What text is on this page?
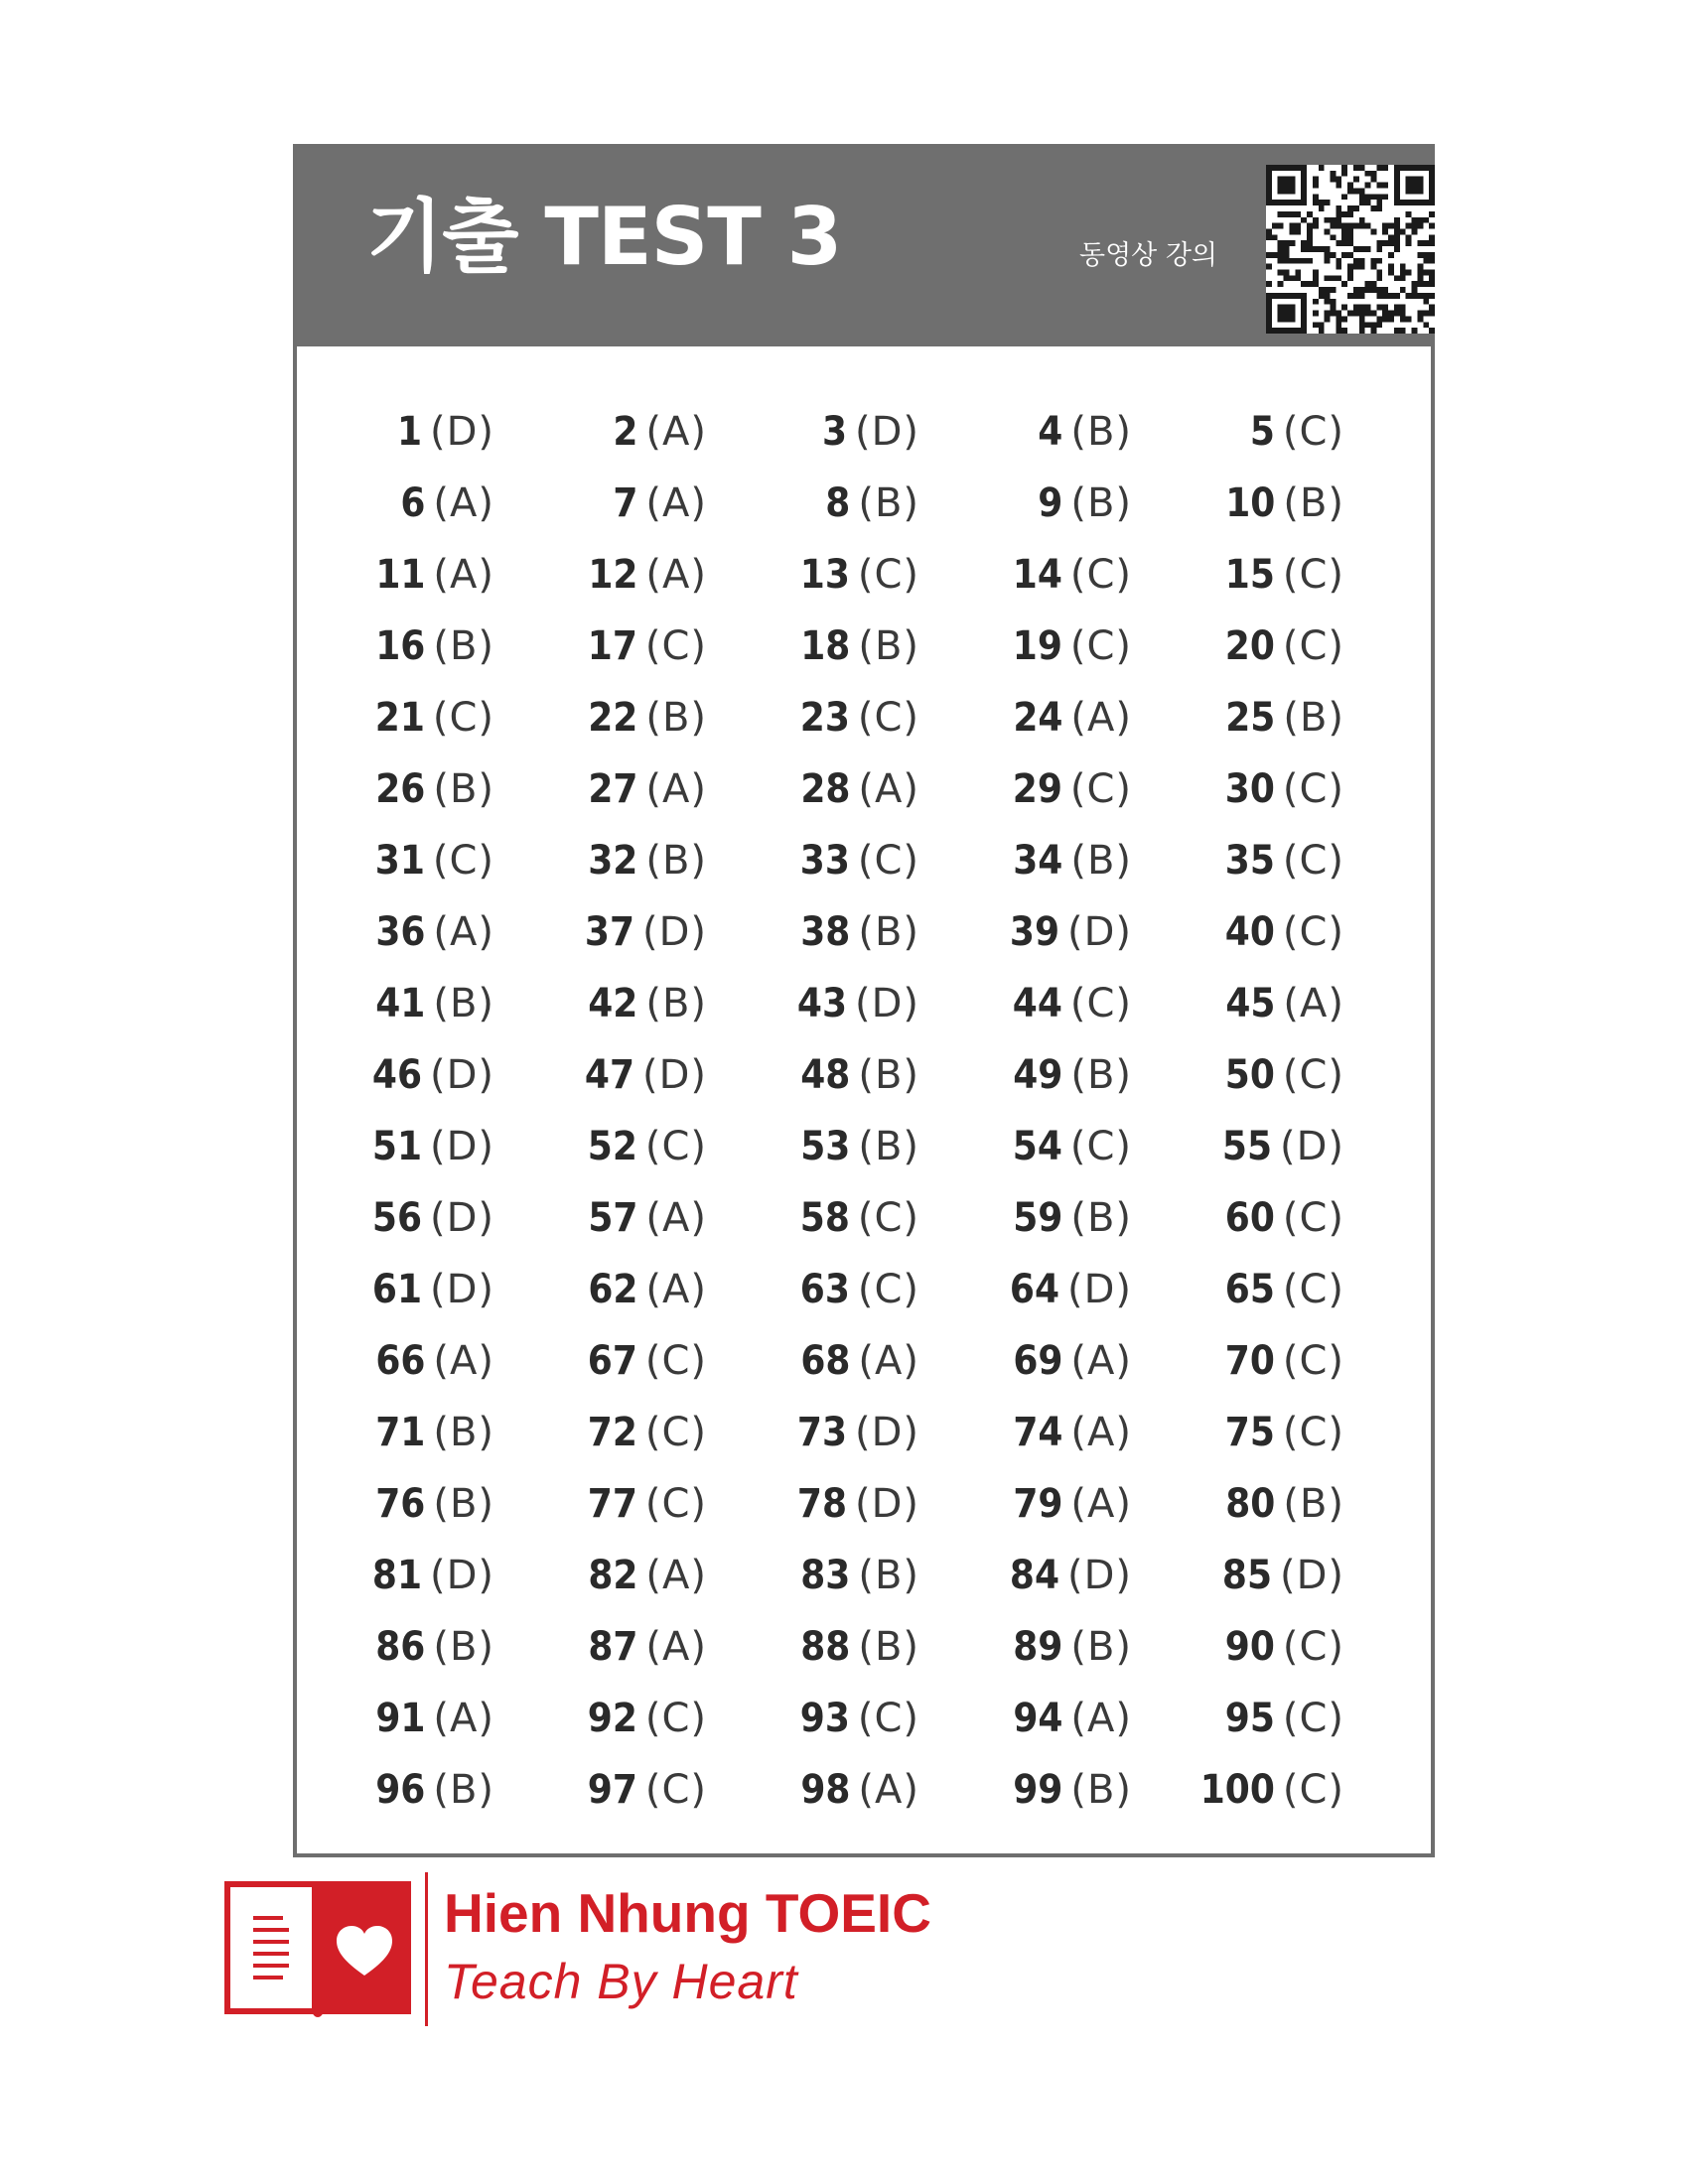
기출 TEST 3	동영상 강의
1 (D)	2 (A)	3 (D)	4 (B)	5 (C)
6 (A)	7 (A)	8 (B)	9 (B) 10 (B)
11 (A) 12 (A) 13 (C) 14 (C) 15 (C)
16 (B) 17 (C) 18 (B) 19 (C) 20 (C)
21 (C) 22 (B) 23 (C) 24 (A) 25 (B)
26 (B) 27 (A) 28 (A) 29 (C) 30 (C)
31 (C) 32 (B) 33 (C) 34 (B) 35 (C)
36 (A) 37 (D) 38 (B) 39 (D) 40 (C)
41 (B) 42 (B) 43 (D) 44 (C) 45 (A)
46 (D) 47 (D) 48 (B) 49 (B) 50 (C)
51 (D) 52 (C) 53 (B) 54 (C) 55 (D)
56 (D) 57 (A) 58 (C) 59 (B) 60 (C)
61 (D) 62 (A) 63 (C) 64 (D) 65 (C)
66 (A) 67 (C) 68 (A) 69 (A) 70 (C)
71 (B) 72 (C) 73 (D) 74 (A) 75 (C)
76 (B) 77 (C) 78 (D) 79 (A) 80 (B)
81 (D) 82 (A) 83 (B) 84 (D) 85 (D)
86 (B) 87 (A) 88 (B) 89 (B) 90 (C)
91 (A) 92 (C) 93 (C) 94 (A) 95 (C)
96 (B) 97 (C) 98 (A) 99 (B) 100 (C)
Hien Nhung TOEIC
Teach By Heart
